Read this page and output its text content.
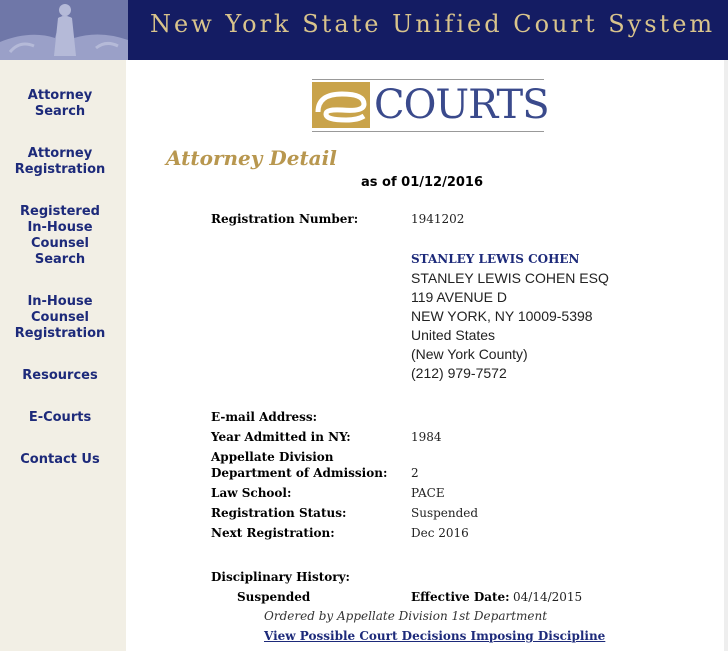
New York State Unified Court System
Attorney
Search
Attorney
Registration
Registered
In-House
Counsel
Search
In-House
Counsel
Registration
Resources
E-Courts
Contact Us
COURTS
Attorney Detail
as of 01/12/2016
Registration Number:	1941202
STANLEY LEWIS COHEN
STANLEY LEWIS COHEN ESQ
119 AVENUE D
NEW YORK, NY 10009-5398
United States
(New York County)
(212) 979-7572
E-mail Address:
Year Admitted in NY:	1984
Appellate Division
Department of Admission: 2
Law School:	PACE
Registration Status:	Suspended
Next Registration:	Dec 2016
Disciplinary History:
Suspended	Effective Date: 04/14/2015
Ordered by Appellate Division 1st Department
View Possible Court Decisions Imposing Discipline
